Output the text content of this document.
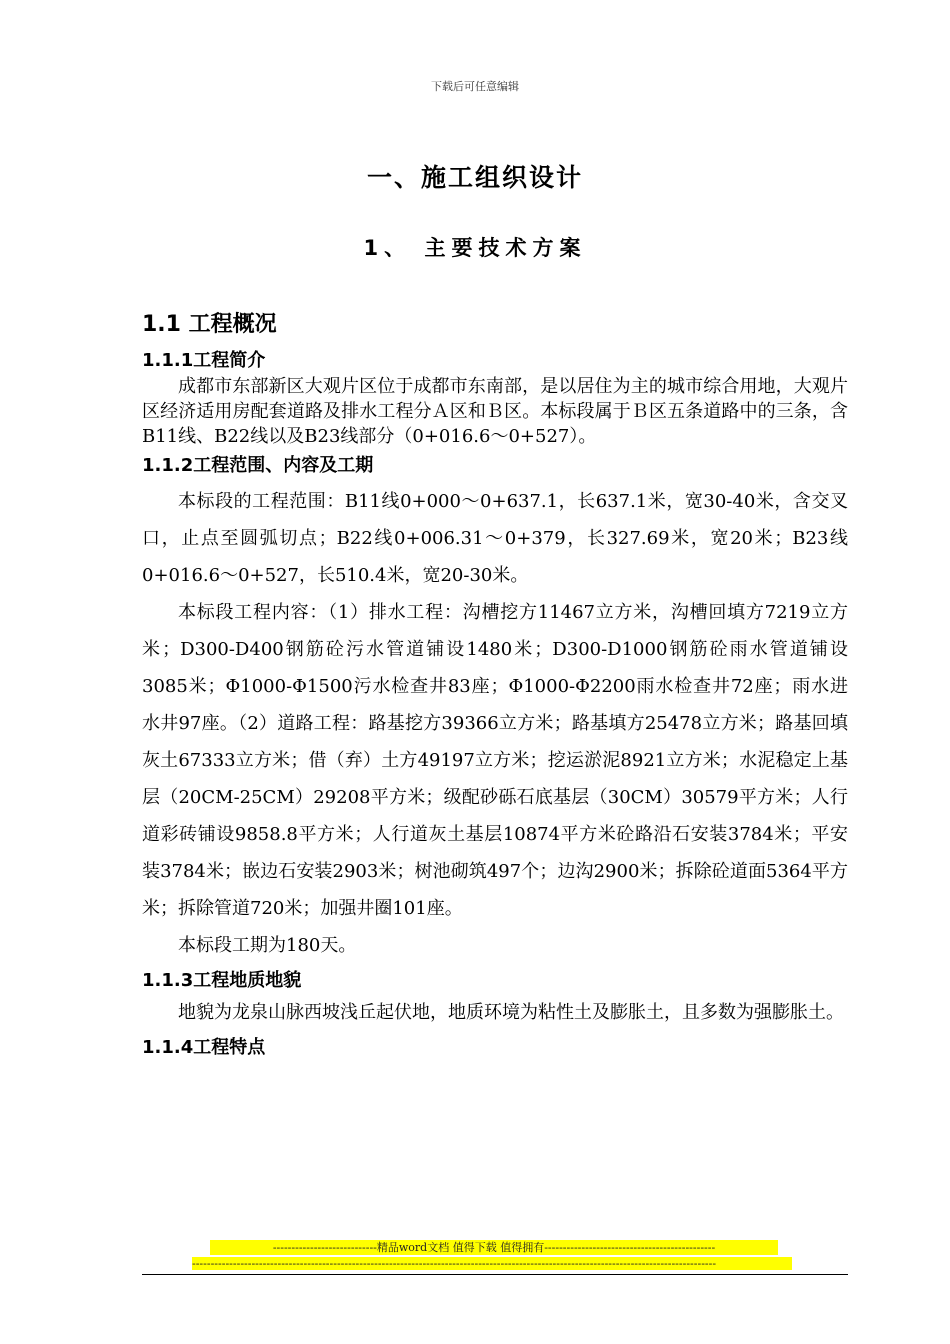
下载后可任意编辑
一、施工组织设计
1、 主要技术方案
1.1 工程概况
1.1.1工程简介

成都市东部新区大观片区位于成都市东南部，是以居住为主的城市综合用地，大观片区经济适用房配套道路及排水工程分Ａ区和Ｂ区。本标段属于Ｂ区五条道路中的三条，含B11线、B22线以及B23线部分（0+016.6～0+527）。

1.1.2工程范围、内容及工期

本标段的工程范围：B11线0+000～0+637.1，长637.1米，宽30-40米，含交叉口，止点至圆弧切点；B22线0+006.31～0+379，长327.69米，宽20米；B23线0+016.6～0+527，长510.4米，宽20-30米。

本标段工程内容：（1）排水工程：沟槽挖方11467立方米，沟槽回填方7219立方米；D300-D400钢筋砼污水管道铺设1480米；D300-D1000钢筋砼雨水管道铺设3085米；Φ1000-Φ1500污水检查井83座；Φ1000-Φ2200雨水检查井72座；雨水进水井97座。（2）道路工程：路基挖方39366立方米；路基填方25478立方米；路基回填灰土67333立方米；借（弃）土方49197立方米；挖运淤泥8921立方米；水泥稳定上基层（20CM-25CM）29208平方米；级配砂砾石底基层（30CM）30579平方米；人行道彩砖铺设9858.8平方米；人行道灰土基层10874平方米砼路沿石安装3784米；平安装3784米；嵌边石安装2903米；树池砌筑497个；边沟2900米；拆除砼道面5364平方米；拆除管道720米；加强井圈101座。

本标段工期为180天。

1.1.3工程地质地貌

地貌为龙泉山脉西坡浅丘起伏地，地质环境为粘性土及膨胀土，且多数为强膨胀土。

1.1.4工程特点
----------------------------精品word文档 值得下载 值得拥有----------------------------------------------
---------------------------------------------------------------------------------------------------------------------------------------------
